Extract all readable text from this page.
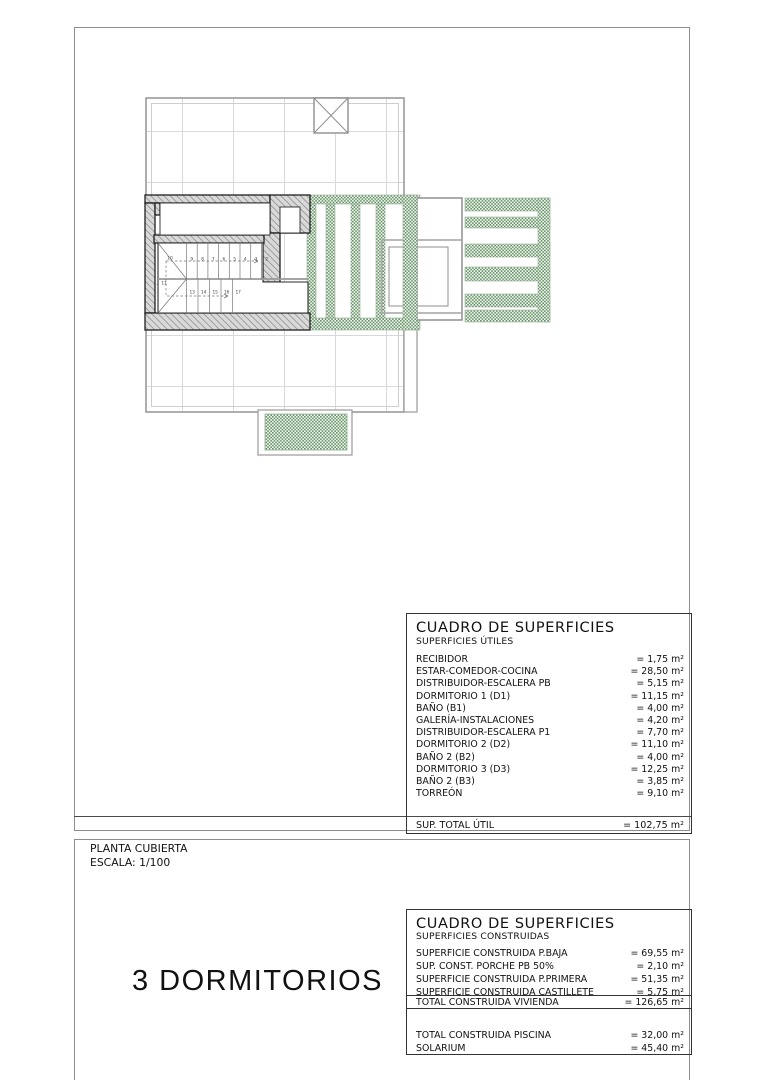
9 8 7 6 5 4 3 2
13 14 15 16 17
10
11
CUADRO DE SUPERFICIES
SUPERFICIES ÚTILES
RECIBIDOR	= 1,75 m²
ESTAR-COMEDOR-COCINA	= 28,50 m²
DISTRIBUIDOR-ESCALERA PB	= 5,15 m²
DORMITORIO 1 (D1)	= 11,15 m²
BAÑO (B1)	= 4,00 m²
GALERÍA-INSTALACIONES	= 4,20 m²
DISTRIBUIDOR-ESCALERA P1	= 7,70 m²
DORMITORIO 2 (D2)	= 11,10 m²
BAÑO 2 (B2)	= 4,00 m²
DORMITORIO 3 (D3)	= 12,25 m²
BAÑO 2 (B3)	= 3,85 m²
TORREÓN	= 9,10 m²
SUP. TOTAL ÚTIL	= 102,75 m²
CUADRO DE SUPERFICIES
SUPERFICIES CONSTRUIDAS
SUPERFICIE CONSTRUIDA P.BAJA	= 69,55 m²
SUP. CONST. PORCHE PB 50%	= 2,10 m²
SUPERFICIE CONSTRUIDA P.PRIMERA	= 51,35 m²
SUPERFICIE CONSTRUIDA CASTILLETE	= 5,75 m²
TOTAL CONSTRUIDA VIVIENDA	= 126,65 m²
TOTAL CONSTRUIDA PISCINA	= 32,00 m²
SOLARIUM	= 45,40 m²
PLANTA CUBIERTA
ESCALA: 1/100
3 DORMITORIOS
